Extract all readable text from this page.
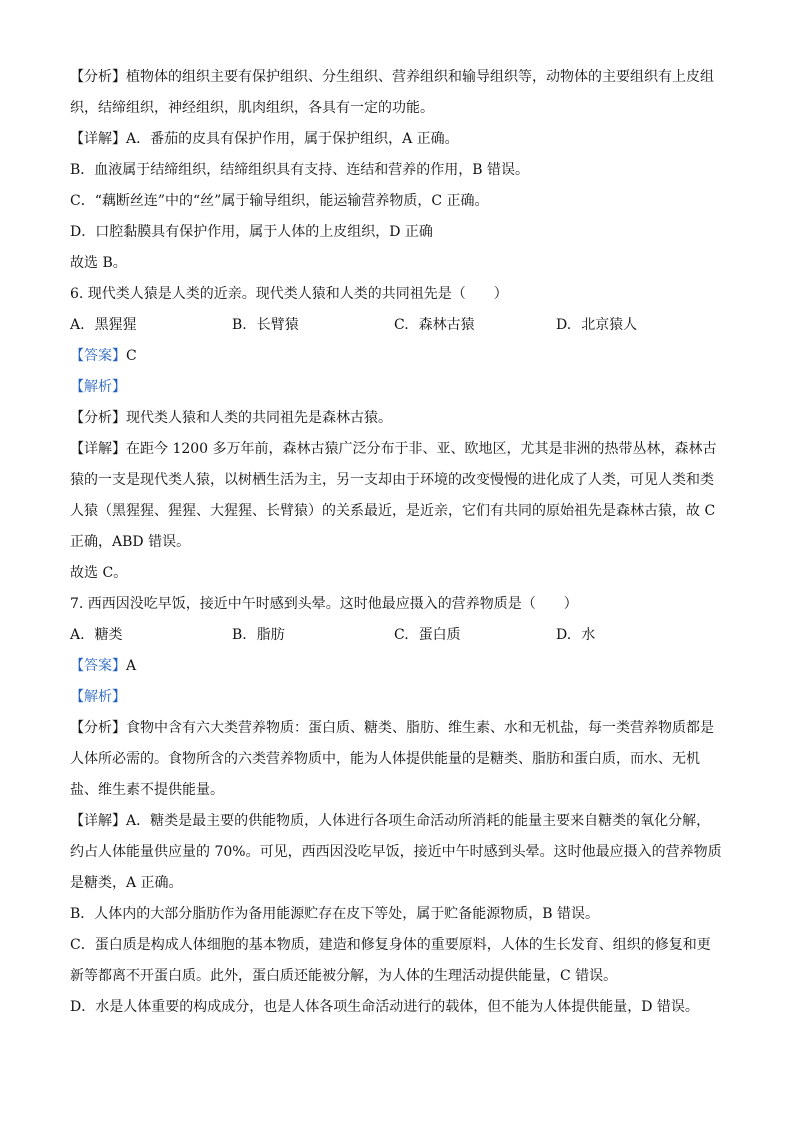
【分析】植物体的组织主要有保护组织、分生组织、营养组织和输导组织等，动物体的主要组织有上皮组
织，结缔组织，神经组织，肌肉组织，各具有一定的功能。
【详解】A．番茄的皮具有保护作用，属于保护组织，A 正确。
B．血液属于结缔组织，结缔组织具有支持、连结和营养的作用，B 错误。
C．“藕断丝连”中的“丝”属于输导组织，能运输营养物质，C 正确。
D．口腔黏膜具有保护作用，属于人体的上皮组织，D 正确
故选 B。
6. 现代类人猿是人类的近亲。现代类人猿和人类的共同祖先是（　　）
A. 黑猩猩	B. 长臂猿	C. 森林古猿	D. 北京猿人
【答案】C
【解析】
【分析】现代类人猿和人类的共同祖先是森林古猿。
【详解】在距今 1200 多万年前，森林古猿广泛分布于非、亚、欧地区，尤其是非洲的热带丛林，森林古
猿的一支是现代类人猿，以树栖生活为主，另一支却由于环境的改变慢慢的进化成了人类，可见人类和类
人猿（黑猩猩、猩猩、大猩猩、长臂猿）的关系最近，是近亲，它们有共同的原始祖先是森林古猿，故 C
正确，ABD 错误。
故选 C。
7. 西西因没吃早饭，接近中午时感到头晕。这时他最应摄入的营养物质是（　　）
A. 糖类	B. 脂肪	C. 蛋白质	D. 水
【答案】A
【解析】
【分析】食物中含有六大类营养物质：蛋白质、糖类、脂肪、维生素、水和无机盐，每一类营养物质都是
人体所必需的。食物所含的六类营养物质中，能为人体提供能量的是糖类、脂肪和蛋白质，而水、无机
盐、维生素不提供能量。
【详解】A．糖类是最主要的供能物质，人体进行各项生命活动所消耗的能量主要来自糖类的氧化分解，
约占人体能量供应量的 70%。可见，西西因没吃早饭，接近中午时感到头晕。这时他最应摄入的营养物质
是糖类，A 正确。
B．人体内的大部分脂肪作为备用能源贮存在皮下等处，属于贮备能源物质，B 错误。
C．蛋白质是构成人体细胞的基本物质，建造和修复身体的重要原料，人体的生长发育、组织的修复和更
新等都离不开蛋白质。此外，蛋白质还能被分解，为人体的生理活动提供能量，C 错误。
D．水是人体重要的构成成分，也是人体各项生命活动进行的载体，但不能为人体提供能量，D 错误。
